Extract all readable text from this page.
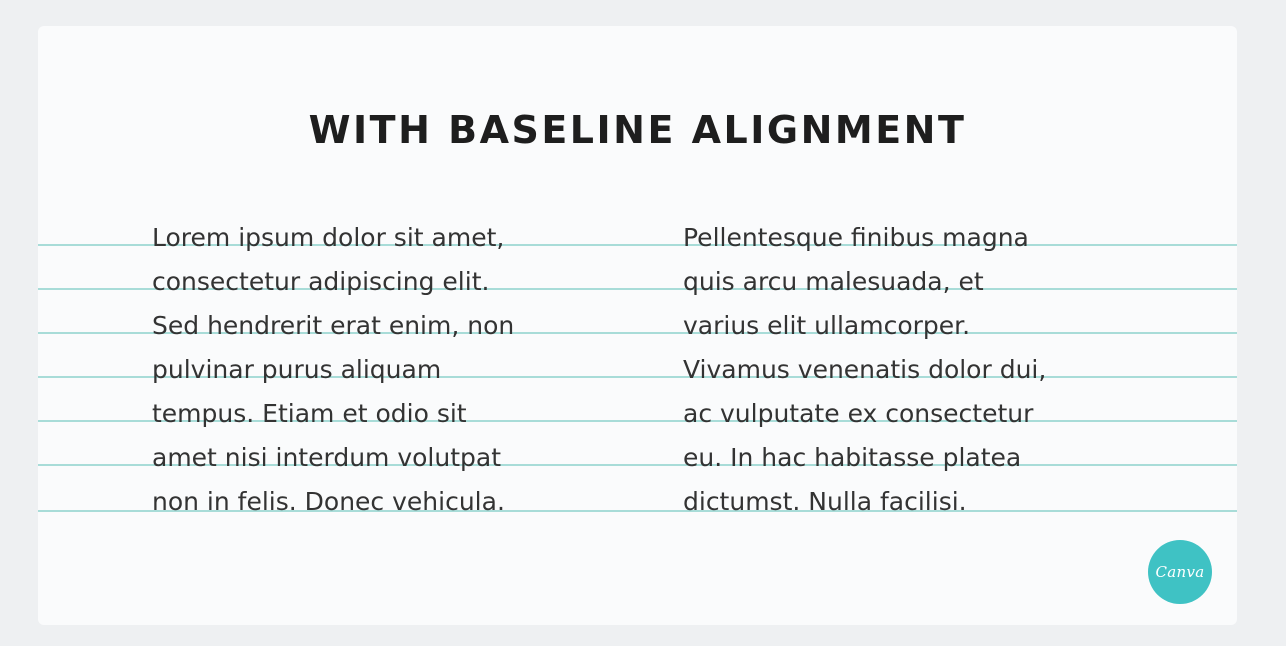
WITH BASELINE ALIGNMENT
Lorem ipsum dolor sit amet,
consectetur adipiscing elit.
Sed hendrerit erat enim, non
pulvinar purus aliquam
tempus. Etiam et odio sit
amet nisi interdum volutpat
non in felis. Donec vehicula.
Pellentesque finibus magna
quis arcu malesuada, et
varius elit ullamcorper.
Vivamus venenatis dolor dui,
ac vulputate ex consectetur
eu. In hac habitasse platea
dictumst. Nulla facilisi.
Canva
